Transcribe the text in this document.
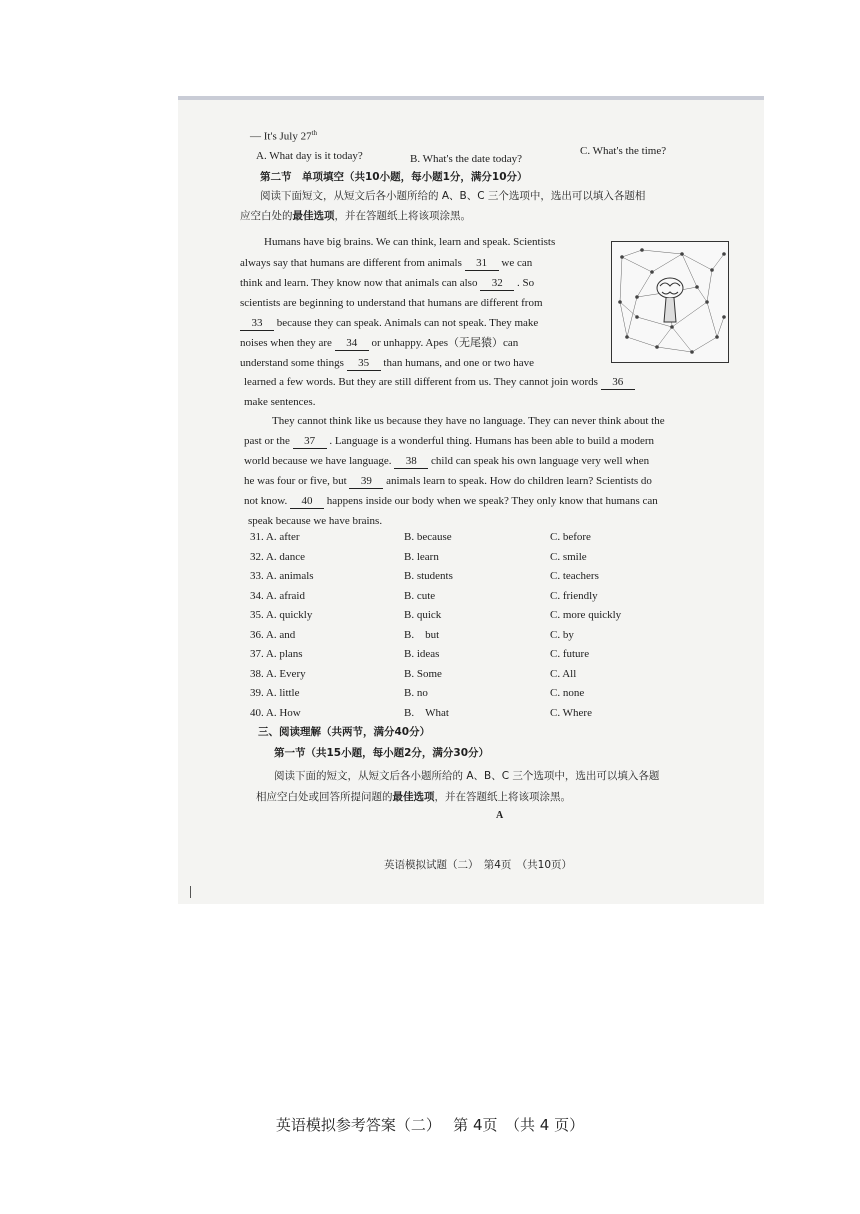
— It's July 27th
A. What day is it today?	B. What's the date today?
C. What's the time?
第二节　单项填空（共10小题，每小题1分，满分10分）
阅读下面短文，从短文后各小题所给的 A、B、C 三个选项中，选出可以填入各题相
应空白处的最佳选项，并在答题纸上将该项涂黑。
Humans have big brains. We can think, learn and speak. Scientists
always say that humans are different from animals 31 we can
think and learn. They know now that animals can also 32 . So
scientists are beginning to understand that humans are different from
33 because they can speak. Animals can not speak. They make
noises when they are 34 or unhappy. Apes（无尾猿）can
understand some things 35 than humans, and one or two have
learned a few words. But they are still different from us. They cannot join words 36
make sentences.
They cannot think like us because they have no language. They can never think about the
past or the 37 . Language is a wonderful thing. Humans has been able to build a modern
world because we have language. 38 child can speak his own language very well when
he was four or five, but 39 animals learn to speak. How do children learn? Scientists do
not know. 40 happens inside our body when we speak? They only know that humans can
speak because we have brains.
31. A. after	B. because	C. before
32. A. dance	B. learn	C. smile
33. A. animals	B. students	C. teachers
34. A. afraid	B. cute	C. friendly
35. A. quickly	B. quick	C. more quickly
36. A. and	B.　but	C. by
37. A. plans	B. ideas	C. future
38. A. Every	B. Some	C. All
39. A. little	B. no	C. none
40. A. How	B.　What	C. Where
三、阅读理解（共两节，满分40分）
第一节（共15小题，每小题2分，满分30分）
阅读下面的短文，从短文后各小题所给的 A、B、C 三个选项中，选出可以填入各题
相应空白处或回答所提问题的最佳选项，并在答题纸上将该项涂黑。
A
英语模拟试题（二）　第4页　（共10页）
英语模拟参考答案（二）　 第 4页　（共 4 页）
